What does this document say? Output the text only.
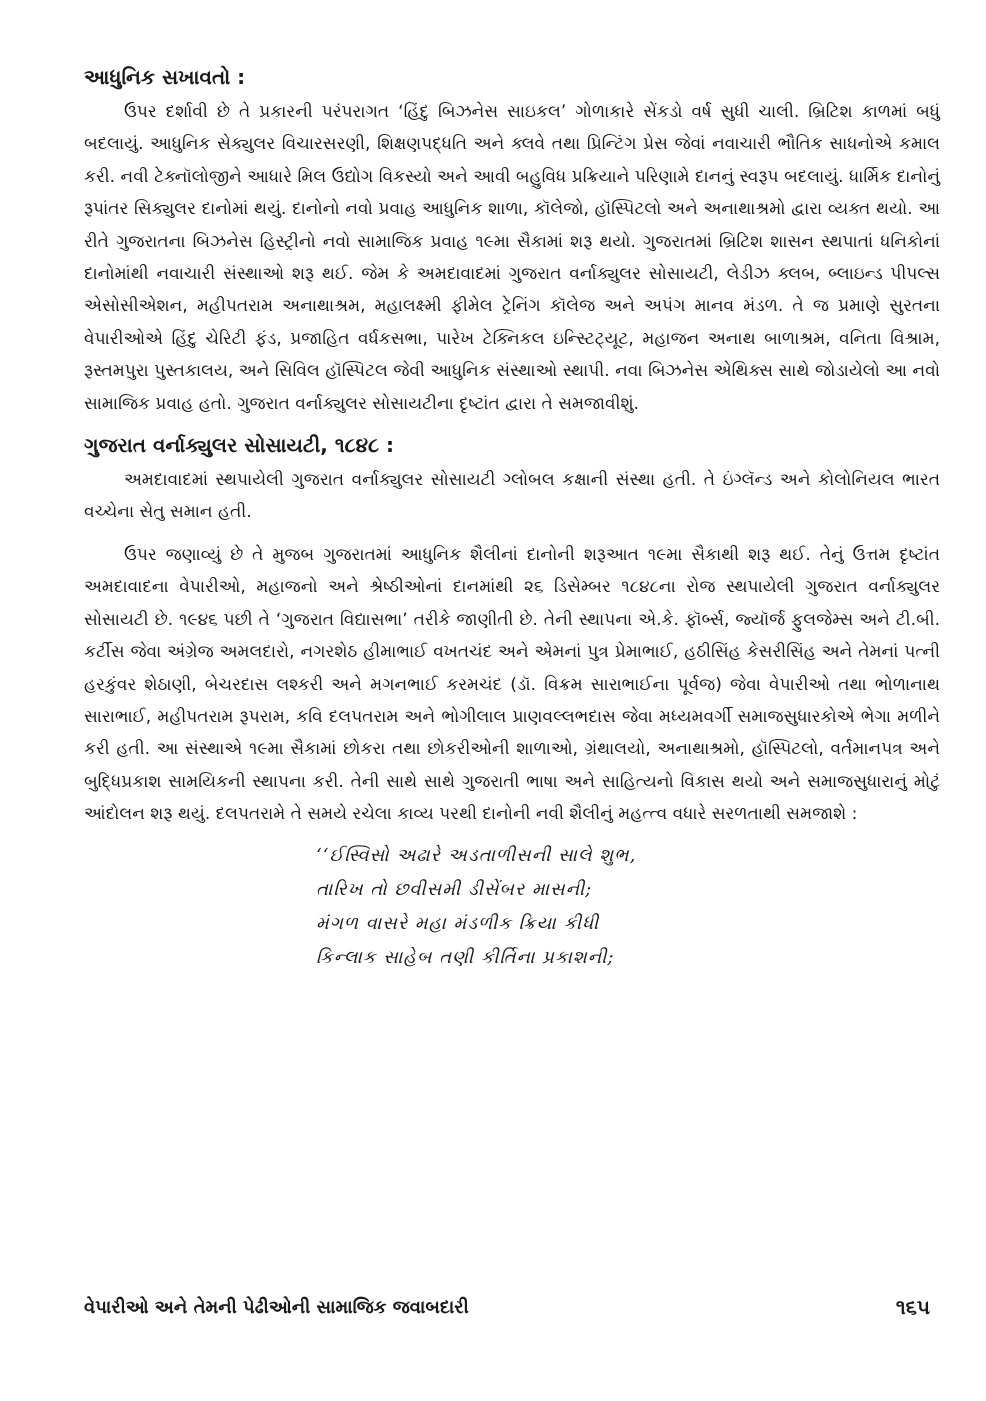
આધુનિક સખાવતો :

ઉપર દર્શાવી છે તે પ્રકારની પરંપરાગત ‘હિંદુ બિઝનેસ સાઇકલ’ ગોળાકારે સેંકડો વર્ષ સુધી ચાલી. બ્રિટિશ કાળમાં બધું બદલાયું. આધુનિક સેક્યુલર વિચારસરણી, શિક્ષણપદ્ધતિ અને ક્લવે તથા પ્રિન્ટિંગ પ્રેસ જેવાં નવાચારી ભૌતિક સાધનોએ કમાલ કરી. નવી ટેક્નૉલોજીને આધારે મિલ ઉદ્યોગ વિકસ્યો અને આવી બહુવિધ પ્રક્રિયાને પરિણામે દાનનું સ્વરૂપ બદલાયું. ધાર્મિક દાનોનું રૂપાંતર સિક્યુલર દાનોમાં થયું. દાનોનો નવો પ્રવાહ આધુનિક શાળા, કૉલેજો, હૉસ્પિટલો અને અનાથાશ્રમો દ્વારા વ્યક્ત થયો. આ રીતે ગુજરાતના બિઝનેસ હિસ્ટ્રીનો નવો સામાજિક પ્રવાહ ૧૯મા સૈકામાં શરૂ થયો. ગુજરાતમાં બ્રિટિશ શાસન સ્થપાતાં ધનિકોનાં દાનોમાંથી નવાચારી સંસ્થાઓ શરૂ થઈ. જેમ કે અમદાવાદમાં ગુજરાત વર્નાક્યુલર સોસાયટી, લેડીઝ ક્લબ, બ્લાઇન્ડ પીપલ્સ એસોસીએશન, મહીપતરામ અનાથાશ્રમ, મહાલક્ષ્મી ફીમેલ ટ્રેનિંગ કૉલેજ અને અપંગ માનવ મંડળ. તે જ પ્રમાણે સુરતના વેપારીઓએ હિંદુ ચેરિટી ફંડ, પ્રજાહિત વર્ધકસભા, પારેખ ટેક્નિકલ ઇન્સ્ટિટ્યૂટ, મહાજન અનાથ બાળાશ્રમ, વનિતા વિશ્રામ, રૂસ્તમપુરા પુસ્તકાલય, અને સિવિલ હૉસ્પિટલ જેવી આધુનિક સંસ્થાઓ સ્થાપી. નવા બિઝનેસ એથિક્સ સાથે જોડાયેલો આ નવો સામાજિક પ્રવાહ હતો. ગુજરાત વર્નાક્યુલર સોસાયટીના દૃષ્ટાંત દ્વારા તે સમજાવીશું.

ગુજરાત વર્નાક્યુલર સોસાયટી, ૧૮૪૮ :

અમદાવાદમાં સ્થપાયેલી ગુજરાત વર્નાક્યુલર સોસાયટી ગ્લોબલ કક્ષાની સંસ્થા હતી. તે ઇંગ્લૅન્ડ અને કોલોનિયલ ભારત વચ્ચેના સેતુ સમાન હતી.

ઉપર જણાવ્યું છે તે મુજબ ગુજરાતમાં આધુનિક શૈલીનાં દાનોની શરૂઆત ૧૯મા સૈકાથી શરૂ થઈ. તેનું ઉત્તમ દૃષ્ટાંત અમદાવાદના વેપારીઓ, મહાજનો અને શ્રેષ્ઠીઓનાં દાનમાંથી ૨૬ ડિસેમ્બર ૧૮૪૮ના રોજ સ્થપાયેલી ગુજરાત વર્નાક્યુલર સોસાયટી છે. ૧૯૪૬ પછી તે ‘ગુજરાત વિદ્યાસભા’ તરીકે જાણીતી છે. તેની સ્થાપના એ.કે. ફૉર્બ્સ, જ્યૉર્જ ફુલજેમ્સ અને ટી.બી. કર્ટીસ જેવા અંગ્રેજ અમલદારો, નગરશેઠ હીમાભાઈ વખતચંદ અને એમનાં પુત્ર પ્રેમાભાઈ, હઠીસિંહ કેસરીસિંહ અને તેમનાં પત્ની હરકુંવર શેઠાણી, બેચરદાસ લશ્કરી અને મગનભાઈ કરમચંદ (ડૉ. વિક્રમ સારાભાઈના પૂર્વજ) જેવા વેપારીઓ તથા ભોળાનાથ સારાભાઈ, મહીપતરામ રૂપરામ, કવિ દલપતરામ અને ભોગીલાલ પ્રાણવલ્લભદાસ જેવા મધ્યમવર્ગી સમાજસુધારકોએ ભેગા મળીને કરી હતી. આ સંસ્થાએ ૧૯મા સૈકામાં છોકરા તથા છોકરીઓની શાળાઓ, ગ્રંથાલયો, અનાથાશ્રમો, હૉસ્પિટલો, વર્તમાનપત્ર અને બુદ્ધિપ્રકાશ સામયિકની સ્થાપના કરી. તેની સાથે સાથે ગુજરાતી ભાષા અને સાહિત્યનો વિકાસ થયો અને સમાજસુધારાનું મોટું આંદોલન શરૂ થયું. દલપતરામે તે સમયે રચેલા કાવ્ય પરથી દાનોની નવી શૈલીનું મહત્ત્વ વધારે સરળતાથી સમજાશે :

‘‘ઈસ્વિસો અઢારે અડતાળીસની સાલે શુભ,
તારિખ તો છવીસમી ડીસેંબર માસની;
મંગળ વાસરે મહા મંડળીક ક્રિયા કીધી
કિન્લાક સાહેબ તણી કીર્તિના પ્રકાશની;
વેપારીઓ અને તેમની પેઢીઓની સામાજિક જવાબદારી	૧૬૫
